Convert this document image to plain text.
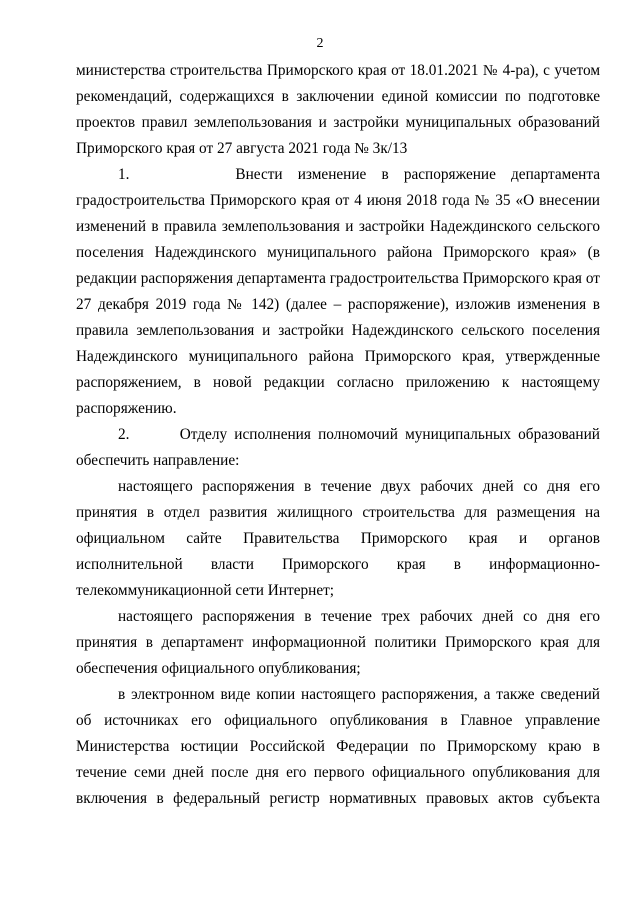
2

министерства строительства Приморского края от 18.01.2021 № 4-ра), с учетом рекомендаций, содержащихся в заключении единой комиссии по подготовке проектов правил землепользования и застройки муниципальных образований Приморского края от 27 августа 2021 года № 3к/13

1.       Внести изменение в распоряжение департамента градостроительства Приморского края от 4 июня 2018 года № 35 «О внесении изменений в правила землепользования и застройки Надеждинского сельского поселения Надеждинского муниципального района Приморского края» (в редакции распоряжения департамента градостроительства Приморского края от 27 декабря 2019 года № 142) (далее – распоряжение), изложив изменения в правила землепользования и застройки Надеждинского сельского поселения Надеждинского муниципального района Приморского края, утвержденные распоряжением, в новой редакции согласно приложению к настоящему распоряжению.

2.       Отделу исполнения полномочий муниципальных образований обеспечить направление:

настоящего распоряжения в течение двух рабочих дней со дня его принятия в отдел развития жилищного строительства для размещения на официальном сайте Правительства Приморского края и органов исполнительной власти Приморского края в информационно-телекоммуникационной сети Интернет;

настоящего распоряжения в течение трех рабочих дней со дня его принятия в департамент информационной политики Приморского края для обеспечения официального опубликования;

в электронном виде копии настоящего распоряжения, а также сведений об источниках его официального опубликования в Главное управление Министерства юстиции Российской Федерации по Приморскому краю в течение семи дней после дня его первого официального опубликования для включения в федеральный регистр нормативных правовых актов субъекта
